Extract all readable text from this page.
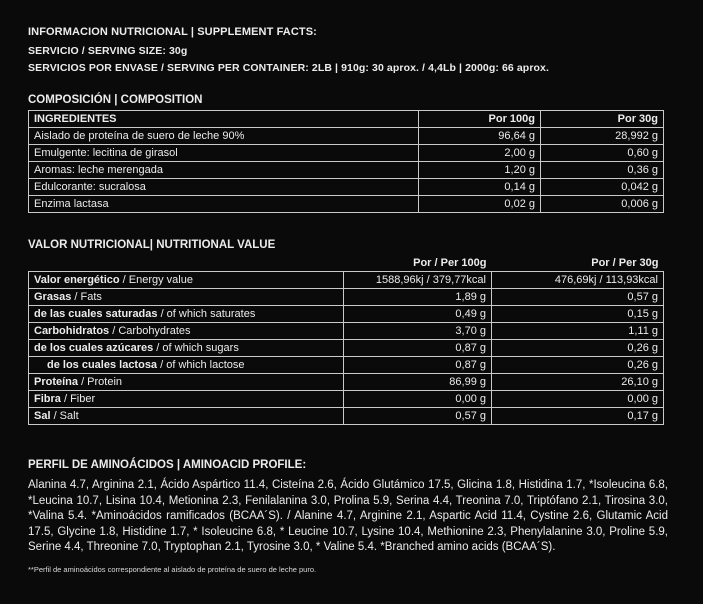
INFORMACION NUTRICIONAL | SUPPLEMENT FACTS:
SERVICIO / SERVING SIZE: 30g
SERVICIOS POR ENVASE / SERVING PER CONTAINER: 2LB | 910g: 30 aprox. / 4,4Lb | 2000g: 66 aprox.
COMPOSICIÓN | COMPOSITION
INGREDIENTES	Por 100g	Por 30g
Aislado de proteína de suero de leche 90%	96,64 g	28,992 g
Emulgente: lecitina de girasol	2,00 g	0,60 g
Aromas: leche merengada	1,20 g	0,36 g
Edulcorante: sucralosa	0,14 g	0,042 g
Enzima lactasa	0,02 g	0,006 g
VALOR NUTRICIONAL| NUTRITIONAL VALUE
	Por / Per 100g	Por / Per 30g
Valor energético / Energy value	1588,96kj / 379,77kcal	476,69kj / 113,93kcal
Grasas / Fats	1,89 g	0,57 g
de las cuales saturadas / of which saturates	0,49 g	0,15 g
Carbohidratos / Carbohydrates	3,70 g	1,11 g
de los cuales azúcares / of which sugars	0,87 g	0,26 g
de los cuales lactosa / of which lactose	0,87 g	0,26 g
Proteína / Protein	86,99 g	26,10 g
Fibra / Fiber	0,00 g	0,00 g
Sal / Salt	0,57 g	0,17 g
PERFIL DE AMINOÁCIDOS | AMINOACID PROFILE:
Alanina 4.7, Arginina 2.1, Ácido Aspártico 11.4, Cisteína 2.6, Ácido Glutámico 17.5, Glicina 1.8, Histidina 1.7, *Isoleucina 6.8, *Leucina 10.7, Lisina 10.4, Metionina 2.3, Fenilalanina 3.0, Prolina 5.9, Serina 4.4, Treonina 7.0, Triptófano 2.1, Tirosina 3.0, *Valina 5.4. *Aminoácidos ramificados (BCAA´S). / Alanine 4.7, Arginine 2.1, Aspartic Acid 11.4, Cystine 2.6, Glutamic Acid 17.5, Glycine 1.8, Histidine 1.7, * Isoleucine 6.8, * Leucine 10.7, Lysine 10.4, Methionine 2.3, Phenylalanine 3.0, Proline 5.9, Serine 4.4, Threonine 7.0, Tryptophan 2.1, Tyrosine 3.0, * Valine 5.4. *Branched amino acids (BCAA´S).
**Perfil de aminoácidos correspondiente al aislado de proteína de suero de leche puro.
